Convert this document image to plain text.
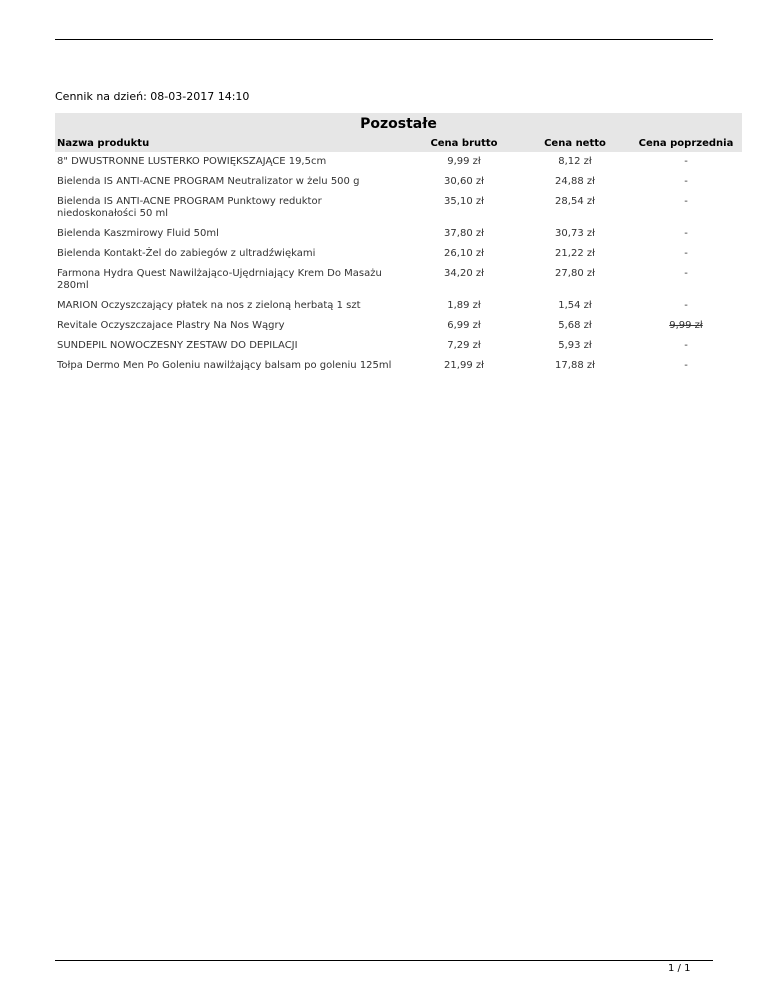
Cennik na dzień: 08-03-2017 14:10
Pozostałe			
Nazwa produktu	Cena brutto	Cena netto	Cena poprzednia
8" DWUSTRONNE LUSTERKO POWIĘKSZAJĄCE 19,5cm	9,99 zł	8,12 zł	-
Bielenda IS ANTI-ACNE PROGRAM Neutralizator w żelu 500 g	30,60 zł	24,88 zł	-
Bielenda IS ANTI-ACNE PROGRAM Punktowy reduktor niedoskonałości 50 ml	35,10 zł	28,54 zł	-
Bielenda Kaszmirowy Fluid 50ml	37,80 zł	30,73 zł	-
Bielenda Kontakt-Żel do zabiegów z ultradźwiękami	26,10 zł	21,22 zł	-
Farmona Hydra Quest Nawilżająco-Ujędrniający Krem Do Masażu 280ml	34,20 zł	27,80 zł	-
MARION Oczyszczający płatek na nos z zieloną herbatą 1 szt	1,89 zł	1,54 zł	-
Revitale Oczyszczajace Plastry Na Nos Wągry	6,99 zł	5,68 zł	9,99 zł
SUNDEPIL NOWOCZESNY ZESTAW DO DEPILACJI	7,29 zł	5,93 zł	-
Tołpa Dermo Men Po Goleniu nawilżający balsam po goleniu 125ml	21,99 zł	17,88 zł	-
1 / 1
